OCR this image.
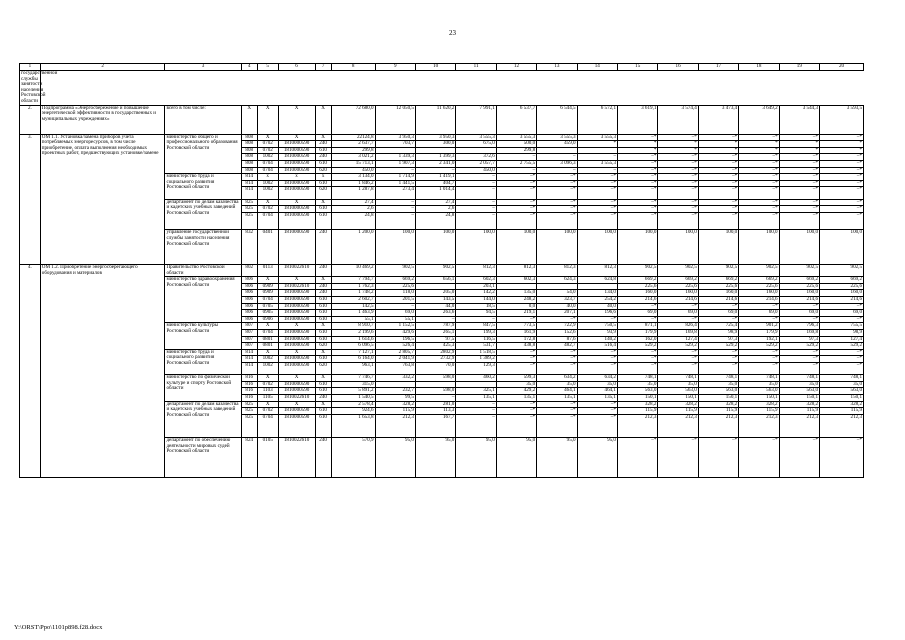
23
1	2	3	4	5	6	7	8	9	10	11	12	13	14	15	16	17	18	19	20
государственной службы занятости населения Ростовской области																			
2.	Подпрограмма «Энергосбережение и повышение энергетической эффективности в государственных и муниципальных учреждениях»	всего в том числе:	X	X	X	X	72 680,0	12 050,5	11 620,2	7 991,1	6 537,7	6 544,5	6 572,1	3 619,1	3 574,4	3 473,4	3 649,2	3 544,3	3 593,5
3.	ОМ 1.1. Установка/замена приборов учета потребляемых энергоресурсов, в том числе приобретение, оплата выполнения необходимых проектных работ, предшествующих установке/замене	министерство общего и профессионального образования Ростовской области	808	X	X	X	22124,8	3 950,3	3 950,3	3 555,3	3 555,3	3 555,3	3 555,3	–*	–*	–*	–*	–*	–*
			808	0702	1810000590	240	2 637,7	703,7	300,0	675,0	500,0	459,0	*	*	*	*	*	*	*
			808	0702	1810000590	610	299,8				299,8			*	*	*	*	*	*
			808	1002	1810000590	240	3 021,2	1 339,3	1 399,3	372,6	–	–	–	–*	–*	–*	–*	–*	–*
			808	0704	1810000590	610	15 713,1	1 907,3	2 341,0	2 057,7	2 755,5	3 096,3	3 555,3	–*	–*	–*	–*	–*	–*
			808	0704	1810000590	620	450,0	–	–	450,0	–	–	–	–*	–*	–*	–*	–*	–*
		министерство труда и социального развития Ростовской области	814	x	x	x	3 134,0	1 714,9	1 419,1	–	–*	–*	–*	–*	–*	–*	–*	–*	–*
			814	1002	1810000590	610	1 846,2	1 441,5	404,7	–	–*	–*	–*	–*	–*	–*	–*	–*	–*
			814	1002	1810000590	620	1 287,8	273,4	1 014,4	–	–*	–*	–*	–*	–*	–*	–*	–*	–*
		департамент по делам казачества и кадетских учебных заведений Ростовской области	825	X	X	X	27,4	–	27,4	–	–*	–*	–*	–*	–*	–*	–*	–*	–*
			825	0702	1810000590	610	2,6	–	2,6	–	–*	–*	–*	–*	–*	–*	–*	–*	–*
			825	0704	1810000590	610	24,8	–	24,8	–	–*	–*	–*	–*	–*	–*	–*	–*	–*
		управление государственной службы занятости населения Ростовской области	832	0401	1810000590	240	1 200,0	100,0	100,0	100,0	100,0	100,0	100,0	100,0	100,0	100,0	100,0	100,0	100,0
4.	ОМ 1.2. Приобретение энергосберегающего оборудования и материалов	Правительство Ростовской области	802	0113	1810022610	240	10 469,2	902,5	902,5	812,3	812,3	812,3	812,3	902,5	902,5	902,5	902,5	902,5	902,5
		министерство здравоохранения Ростовской области	806	X	X	X	7 794,7	669,2	656,1	602,3	602,3	624,3	624,8	669,2	669,2	669,2	669,2	669,2	669,2
			806	0909	1810022610	240	1 762,3	225,6		203,1				225,6	225,6	225,6	225,6	225,6	225,6
			806	0909	1810000590	240	1 748,2	118,0	205,0	142,2	135,0	54,0	134,0	160,0	160,0	160,0	160,0	160,0	160,0
			806	0704	1810000590	610	2 602,7	201,5	143,5	144,0	248,2	323,7	254,2	214,6	214,6	214,6	214,6	214,6	214,6
			806	0705	1810000590	610	142,5	–	44,0	18,5	0,0	40,0	40,0	–*	–*	–*	–*	–*	–*
			806	0905	1810000590	610	1 463,9	69,0	263,6	94,5	219,1	207,1	196,6	69,0	69,0	69,0	69,0	69,0	69,0
			806	0906	1810000590	610	55,1	55,1	–	–	–*	–*	–*	–*	–*	–*	–*	–*	–*
		министерство культуры Ростовской области	807	X	X	X	8 910,7	1 152,5	787,9	847,5	773,5	722,9	750,5	871,1	826,4	725,4	901,2	796,3	755,5
			807	0704	1810000590	610	2 199,6	429,6	265,1	199,3	161,9	152,6	93,9	179,9	169,8	98,9	179,9	169,8	98,9
			807	0801	1810000590	610	1 614,6	196,5	97,5	116,5	172,8	87,6	140,2	162,0	127,4	97,3	192,1	97,3	127,4
			807	0801	1810000590	620	6 096,5	526,4	425,3	531,7	438,8	482,7	516,4	529,2	529,2	529,2	529,2	529,2	529,2
		министерство труда и социального развития Ростовской области	814	X	X	X	7 127,1	2 805,7	2802,9	1 518,5	–*	–*	–*	–*	–*	–*	–*	–*	–*
			814	1002	1810000590	610	6 164,0	2 041,9	2732,9	1 389,2	–*	–*	–*	–*	–*	–*	–*	–*	–*
			814	1002	1810000590	620	963,1	763,8	70,0	129,3	–*	–*	–*	–*	–*	–*	–*	–*	–*
		министерство по физической культуре и спорту Ростовской области	816	X	X	X	7 746,7	332,2	598,0	460,2	599,3	634,2	634,2	748,1	748,1	748,1	748,1	748,1	748,1
			816	0702	1810000590	610	315,0				35,0	35,0	35,0	35,0	35,0	35,0	35,0	35,0	35,0
			816	1103	1810000590	610	5 891,2	232,7	598,0	325,1	429,2	464,1	464,1	563,0	563,0	563,0	563,0	563,0	563,0
			816	1105	1810022610	240	1 540,5	99,5	–	135,1	135,1	135,1	135,1	150,1	150,1	150,1	150,1	150,1	150,1
		департамент по делам казачества и кадетских учебных заведений Ростовской области	825	X	X	X	2 578,4	328,2	281,0	–	–*	–*	–*	328,2	328,2	328,2	328,2	328,2	328,2
			825	0702	1810000590	610	924,6	115,9	113,3	–	–*	–*	–*	115,9	115,9	115,9	115,9	115,9	115,9
			825	0704	1810000590	610	1 653,8	212,3	167,7	–	–*	–*	–*	212,3	212,3	212,3	212,3	212,3	212,3
		департамент по обеспечению деятельности мировых судей Ростовской области	824	0105	1810022610	240	570,9	95,0	95,0	95,0	95,0	95,0	95,0	–*	–*	–*	–*	–*	–*
Y:\ORST\Ppo\1101p898.f28.docx
